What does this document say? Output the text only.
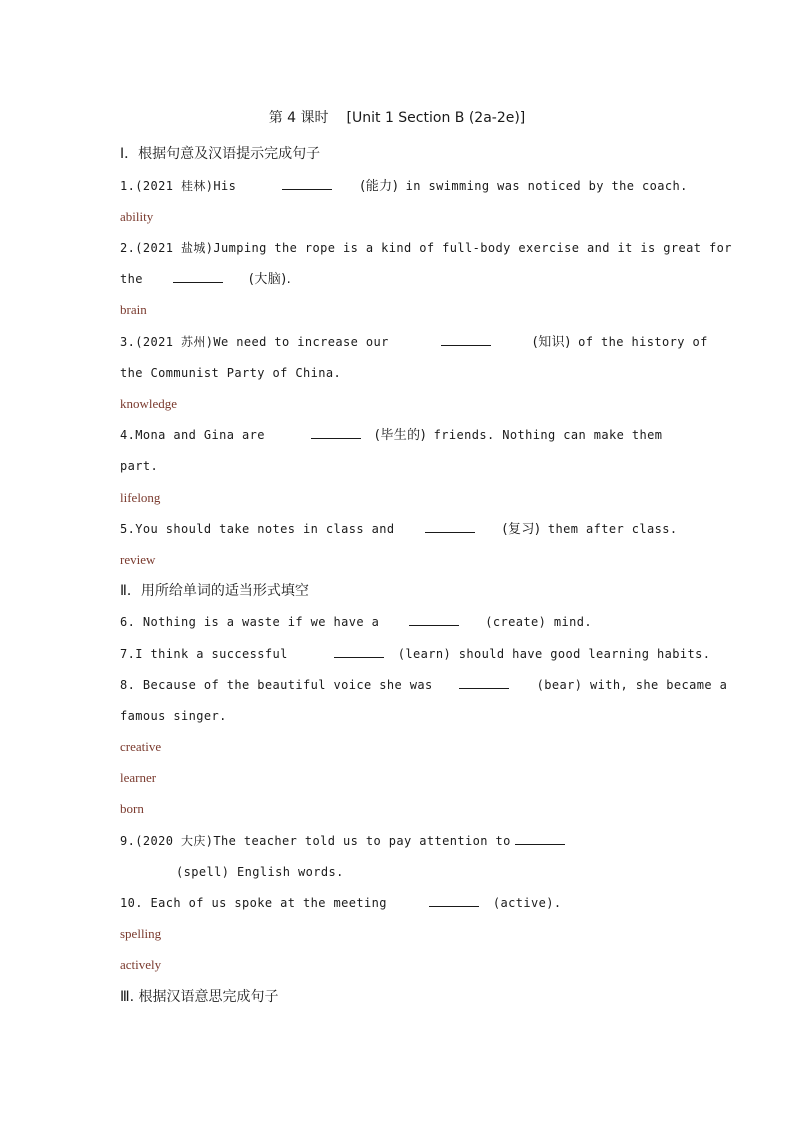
第 4 课时 [Unit 1 Section B (2a-2e)]
Ⅰ．根据句意及汉语提示完成句子
1.(2021 桂林)His	(能力) in swimming was noticed by the coach.
ability
2.(2021 盐城)Jumping the rope is a kind of full-body exercise and it is great for
the	(大脑).
brain
3.(2021 苏州)We need to increase our	(知识) of the history of
the Communist Party of China.
knowledge
4.Mona and Gina are	(毕生的) friends. Nothing can make them
part.
lifelong
5.You should take notes in class and	(复习) them after class.
review
Ⅱ．用所给单词的适当形式填空
6. Nothing is a waste if we have a	(create) mind.
7.I think a successful	(learn) should have good learning habits.
8. Because of the beautiful voice she was	(bear) with, she became a
famous singer.
creative
learner
born
9.(2020 大庆)The teacher told us to pay attention to
(spell) English words.
10. Each of us spoke at the meeting	(active).
spelling
actively
Ⅲ. 根据汉语意思完成句子
